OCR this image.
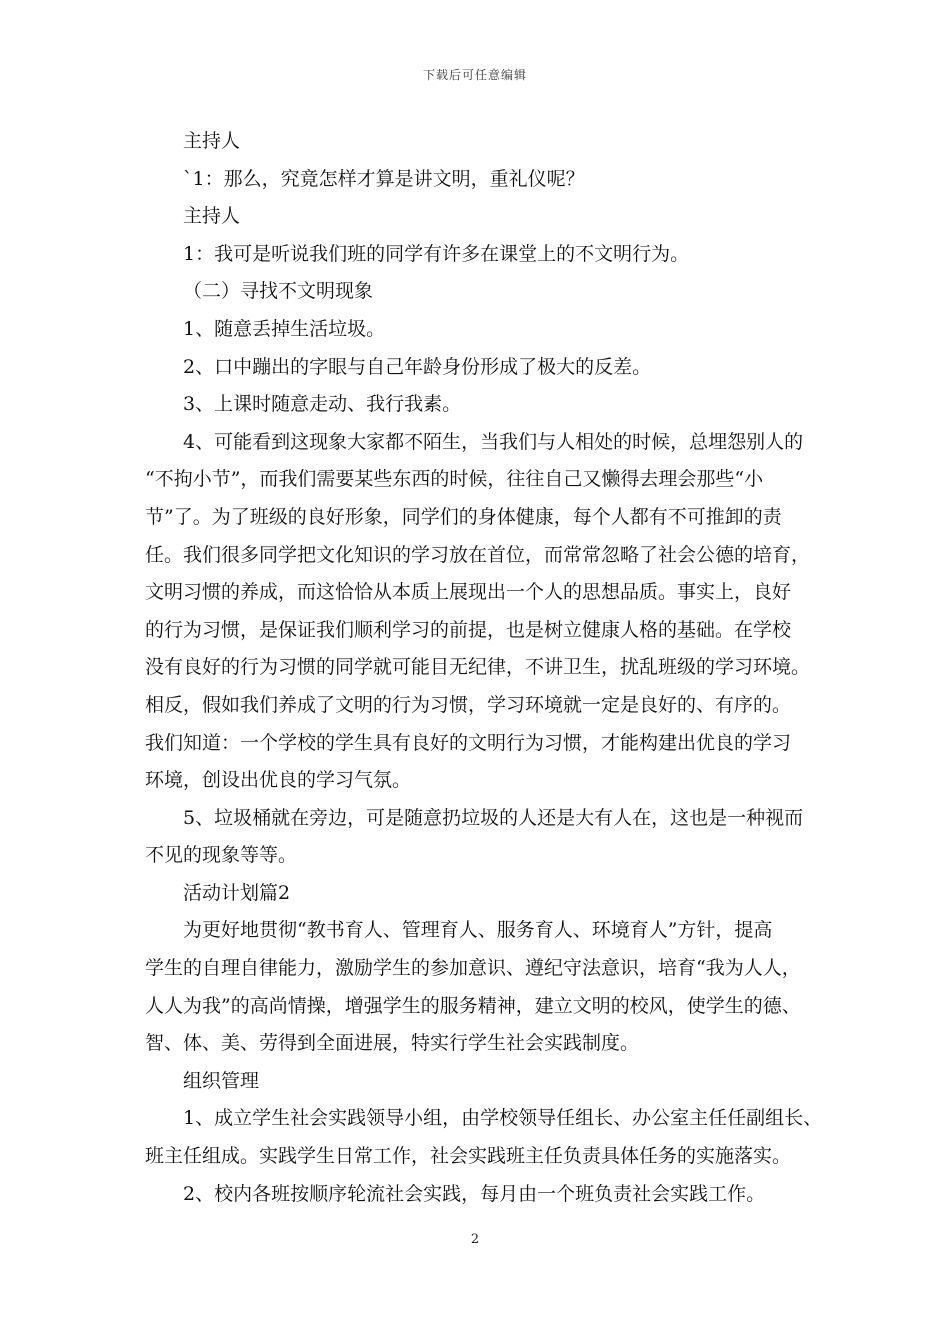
下载后可任意编辑
主持人
`1：那么，究竟怎样才算是讲文明，重礼仪呢？
主持人
1：我可是听说我们班的同学有许多在课堂上的不文明行为。
（二）寻找不文明现象
1、随意丢掉生活垃圾。
2、口中蹦出的字眼与自己年龄身份形成了极大的反差。
3、上课时随意走动、我行我素。
4、可能看到这现象大家都不陌生，当我们与人相处的时候，总埋怨别人的
“不拘小节”，而我们需要某些东西的时候，往往自己又懒得去理会那些“小
节”了。为了班级的良好形象，同学们的身体健康，每个人都有不可推卸的责
任。我们很多同学把文化知识的学习放在首位，而常常忽略了社会公德的培育，
文明习惯的养成，而这恰恰从本质上展现出一个人的思想品质。事实上，良好
的行为习惯，是保证我们顺利学习的前提，也是树立健康人格的基础。在学校
没有良好的行为习惯的同学就可能目无纪律，不讲卫生，扰乱班级的学习环境。
相反，假如我们养成了文明的行为习惯，学习环境就一定是良好的、有序的。
我们知道：一个学校的学生具有良好的文明行为习惯，才能构建出优良的学习
环境，创设出优良的学习气氛。
5、垃圾桶就在旁边，可是随意扔垃圾的人还是大有人在，这也是一种视而
不见的现象等等。
活动计划篇2
为更好地贯彻“教书育人、管理育人、服务育人、环境育人”方针，提高
学生的自理自律能力，激励学生的参加意识、遵纪守法意识，培育“我为人人，
人人为我”的高尚情操，增强学生的服务精神，建立文明的校风，使学生的德、
智、体、美、劳得到全面进展，特实行学生社会实践制度。
组织管理
1、成立学生社会实践领导小组，由学校领导任组长、办公室主任任副组长、
班主任组成。实践学生日常工作，社会实践班主任负责具体任务的实施落实。
2、校内各班按顺序轮流社会实践，每月由一个班负责社会实践工作。
2
